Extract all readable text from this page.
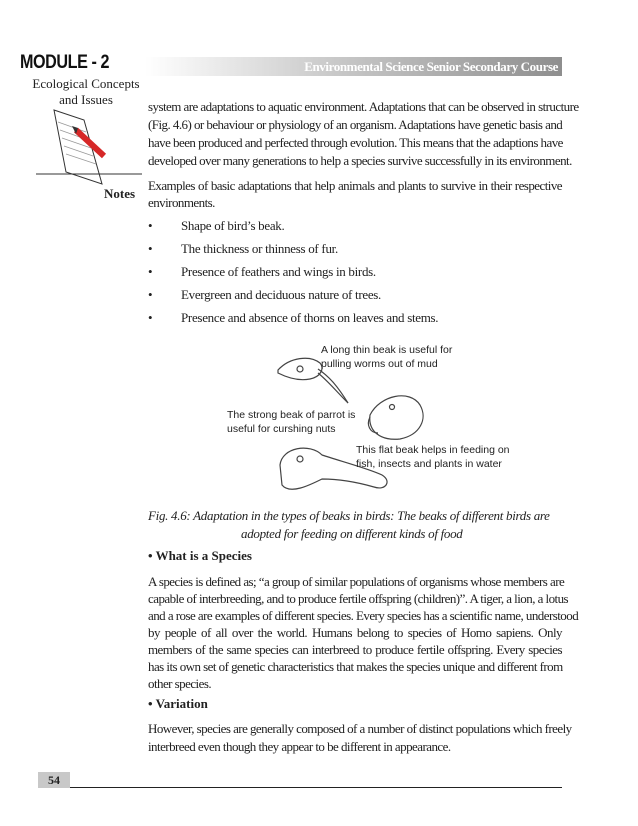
MODULE - 2
Ecological Concepts
and Issues
Notes
Environmental Science Senior Secondary Course
system are adaptations to aquatic environment. Adaptations that can be observed in structure
(Fig. 4.6) or behaviour or physiology of an organism. Adaptations have genetic basis and
have been produced and perfected through evolution. This means that the adaptions have
developed over many generations to help a species survive successfully in its environment.
Examples of basic adaptations that help animals and plants to survive in their respective
environments.
• Shape of bird’s beak.
• The thickness or thinness of fur.
• Presence of feathers and wings in birds.
• Evergreen and deciduous nature of trees.
• Presence and absence of thorns on leaves and stems.
A long thin beak is useful for
pulling worms out of mud
The strong beak of parrot is
useful for curshing nuts
This flat beak helps in feeding on
fish, insects and plants in water
Fig. 4.6: Adaptation in the types of beaks in birds: The beaks of different birds are
adopted for feeding on different kinds of food
• What is a Species
A species is defined as; “a group of similar populations of organisms whose members are
capable of interbreeding, and to produce fertile offspring (children)”. A tiger, a lion, a lotus
and a rose are examples of different species. Every species has a scientific name, understood
by people of all over the world. Humans belong to species of Homo sapiens. Only
members of the same species can interbreed to produce fertile offspring. Every species
has its own set of genetic characteristics that makes the species unique and different from
other species.
• Variation
However, species are generally composed of a number of distinct populations which freely
interbreed even though they appear to be different in appearance.
54
